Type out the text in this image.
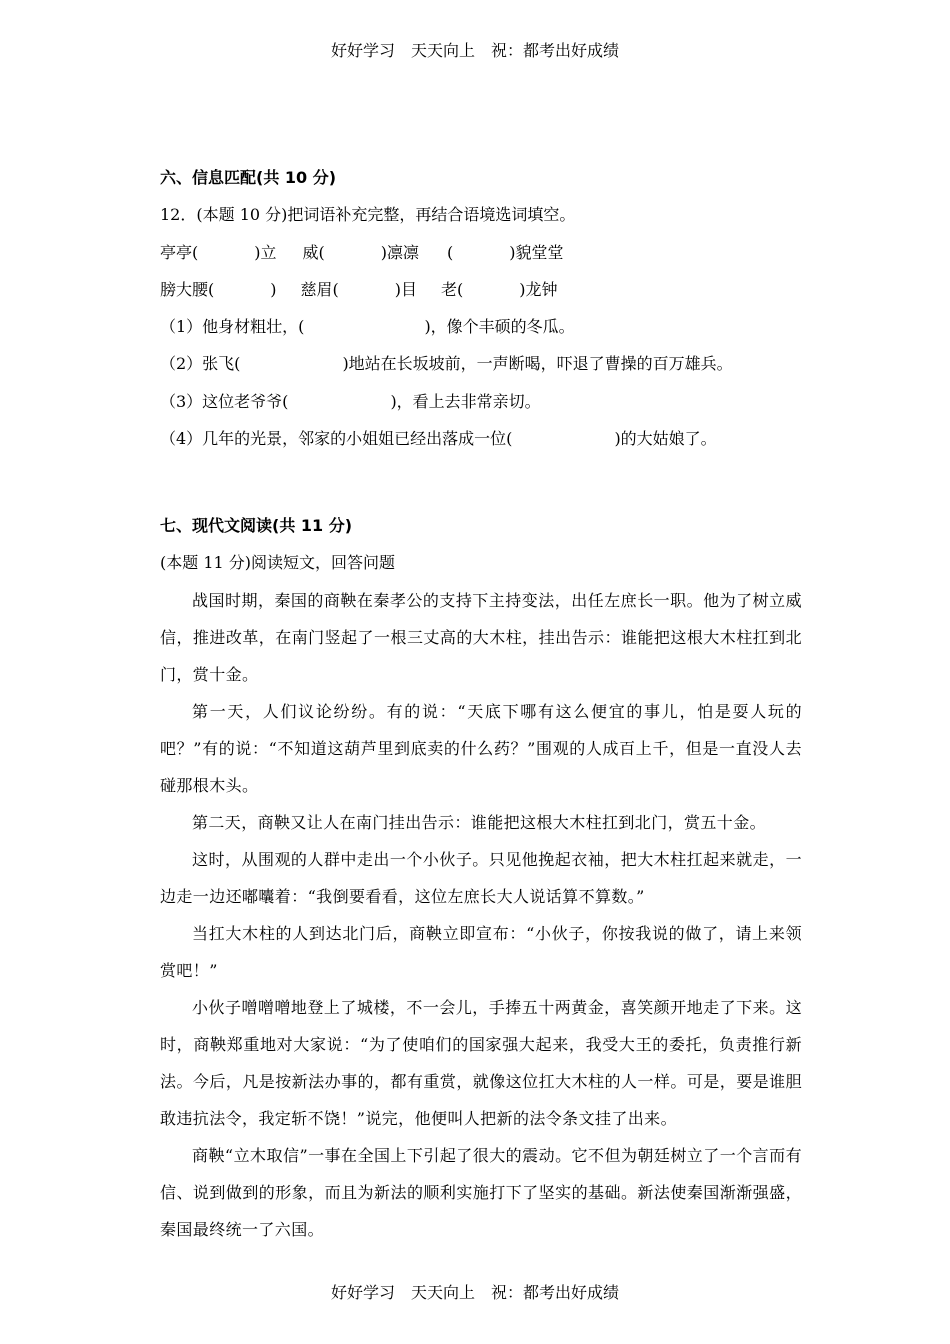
好好学习　天天向上　祝：都考出好成绩
六、信息匹配(共 10 分)
12．(本题 10 分)把词语补充完整，再结合语境选词填空。
亭亭(	)立 威(	)凛凛 (	)貌堂堂
膀大腰(	) 慈眉(	)目 老(	)龙钟
（1）他身材粗壮，(	)，像个丰硕的冬瓜。
（2）张飞(	)地站在长坂坡前，一声断喝，吓退了曹操的百万雄兵。
（3）这位老爷爷(	)，看上去非常亲切。
（4）几年的光景，邻家的小姐姐已经出落成一位(	)的大姑娘了。
七、现代文阅读(共 11 分)
(本题 11 分)阅读短文，回答问题
战国时期，秦国的商鞅在秦孝公的支持下主持变法，出任左庶长一职。他为了树立威信，推进改革，在南门竖起了一根三丈高的大木柱，挂出告示：谁能把这根大木柱扛到北门，赏十金。
第一天，人们议论纷纷。有的说：“天底下哪有这么便宜的事儿，怕是耍人玩的吧？”有的说：“不知道这葫芦里到底卖的什么药？”围观的人成百上千，但是一直没人去碰那根木头。
第二天，商鞅又让人在南门挂出告示：谁能把这根大木柱扛到北门，赏五十金。
这时，从围观的人群中走出一个小伙子。只见他挽起衣袖，把大木柱扛起来就走，一边走一边还嘟囔着：“我倒要看看，这位左庶长大人说话算不算数。”
当扛大木柱的人到达北门后，商鞅立即宣布：“小伙子，你按我说的做了，请上来领赏吧！”
小伙子噌噌噌地登上了城楼，不一会儿，手捧五十两黄金，喜笑颜开地走了下来。这时，商鞅郑重地对大家说：“为了使咱们的国家强大起来，我受大王的委托，负责推行新法。今后，凡是按新法办事的，都有重赏，就像这位扛大木柱的人一样。可是，要是谁胆敢违抗法令，我定斩不饶！”说完，他便叫人把新的法令条文挂了出来。
商鞅“立木取信”一事在全国上下引起了很大的震动。它不但为朝廷树立了一个言而有信、说到做到的形象，而且为新法的顺利实施打下了坚实的基础。新法使秦国渐渐强盛，秦国最终统一了六国。
好好学习　天天向上　祝：都考出好成绩
